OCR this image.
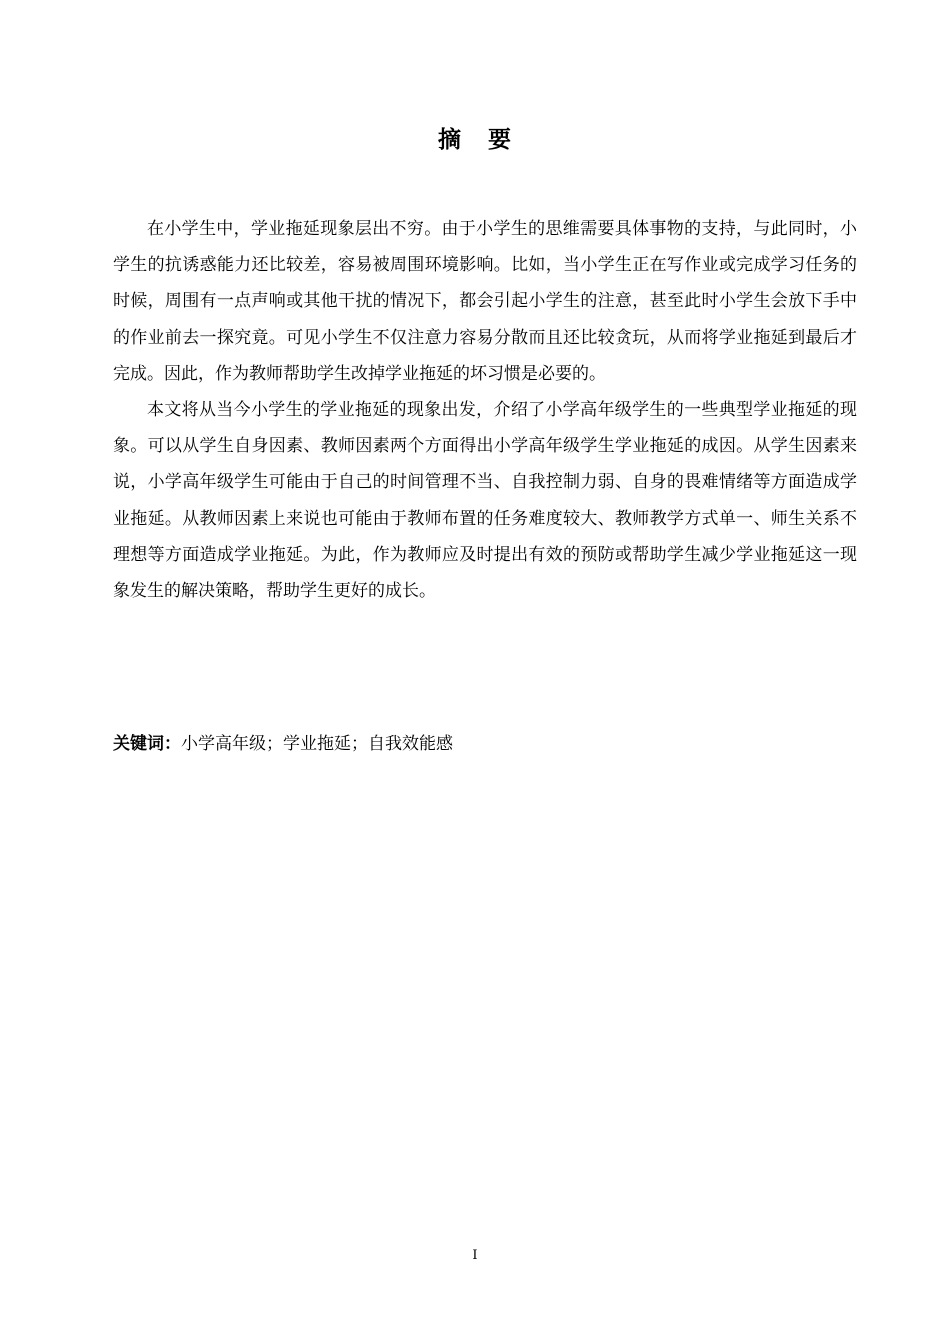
摘 要

在小学生中，学业拖延现象层出不穷。由于小学生的思维需要具体事物的支持，与此同时，小学生的抗诱惑能力还比较差，容易被周围环境影响。比如，当小学生正在写作业或完成学习任务的时候，周围有一点声响或其他干扰的情况下，都会引起小学生的注意，甚至此时小学生会放下手中的作业前去一探究竟。可见小学生不仅注意力容易分散而且还比较贪玩，从而将学业拖延到最后才完成。因此，作为教师帮助学生改掉学业拖延的坏习惯是必要的。

本文将从当今小学生的学业拖延的现象出发，介绍了小学高年级学生的一些典型学业拖延的现象。可以从学生自身因素、教师因素两个方面得出小学高年级学生学业拖延的成因。从学生因素来说，小学高年级学生可能由于自己的时间管理不当、自我控制力弱、自身的畏难情绪等方面造成学业拖延。从教师因素上来说也可能由于教师布置的任务难度较大、教师教学方式单一、师生关系不理想等方面造成学业拖延。为此，作为教师应及时提出有效的预防或帮助学生减少学业拖延这一现象发生的解决策略，帮助学生更好的成长。

关键词：小学高年级；学业拖延；自我效能感
I
